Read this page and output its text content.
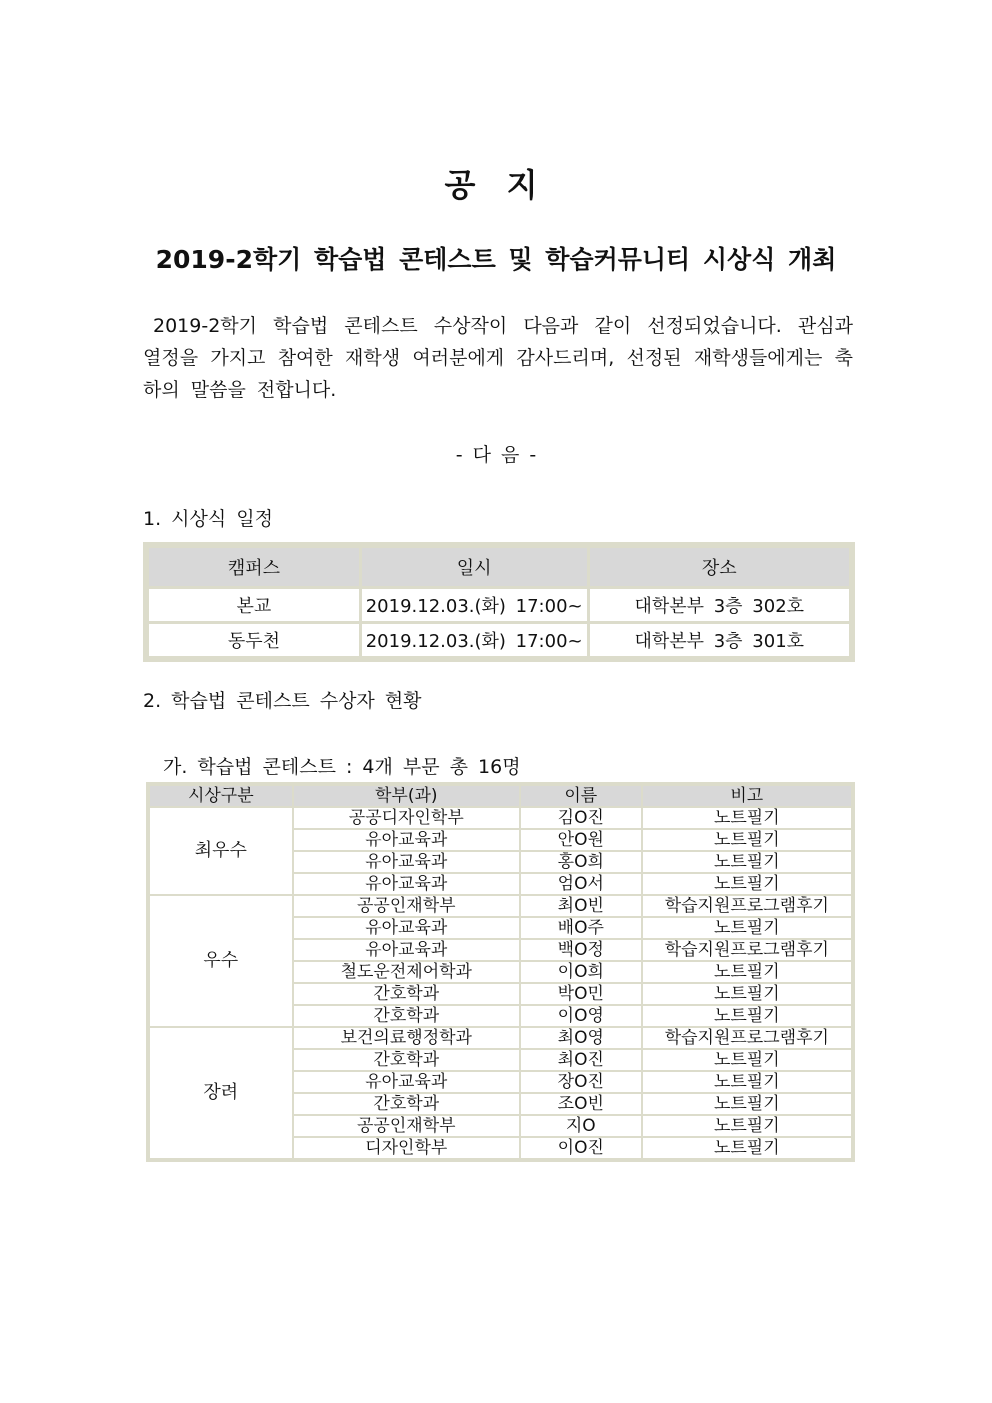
공 지
2019-2학기 학습법 콘테스트 및 학습커뮤니티 시상식 개최
2019-2학기 학습법 콘테스트 수상작이 다음과 같이 선정되었습니다. 관심과
열정을 가지고 참여한 재학생 여러분에게 감사드리며, 선정된 재학생들에게는 축
하의 말씀을 전합니다.
- 다 음 -
1. 시상식 일정
캠퍼스	일시	장소
본교	2019.12.03.(화) 17:00~	대학본부 3층 302호
동두천	2019.12.03.(화) 17:00~	대학본부 3층 301호
2. 학습법 콘테스트 수상자 현황
가. 학습법 콘테스트 : 4개 부문 총 16명
시상구분	학부(과)	이름	비고
최우수	공공디자인학부	김O진	노트필기
	유아교육과	안O원	노트필기
	유아교육과	홍O희	노트필기
	유아교육과	엄O서	노트필기
우수	공공인재학부	최O빈	학습지원프로그램후기
	유아교육과	배O주	노트필기
	유아교육과	백O정	학습지원프로그램후기
	철도운전제어학과	이O희	노트필기
	간호학과	박O민	노트필기
	간호학과	이O영	노트필기
장려	보건의료행정학과	최O영	학습지원프로그램후기
	간호학과	최O진	노트필기
	유아교육과	장O진	노트필기
	간호학과	조O빈	노트필기
	공공인재학부	지O	노트필기
	디자인학부	이O진	노트필기
